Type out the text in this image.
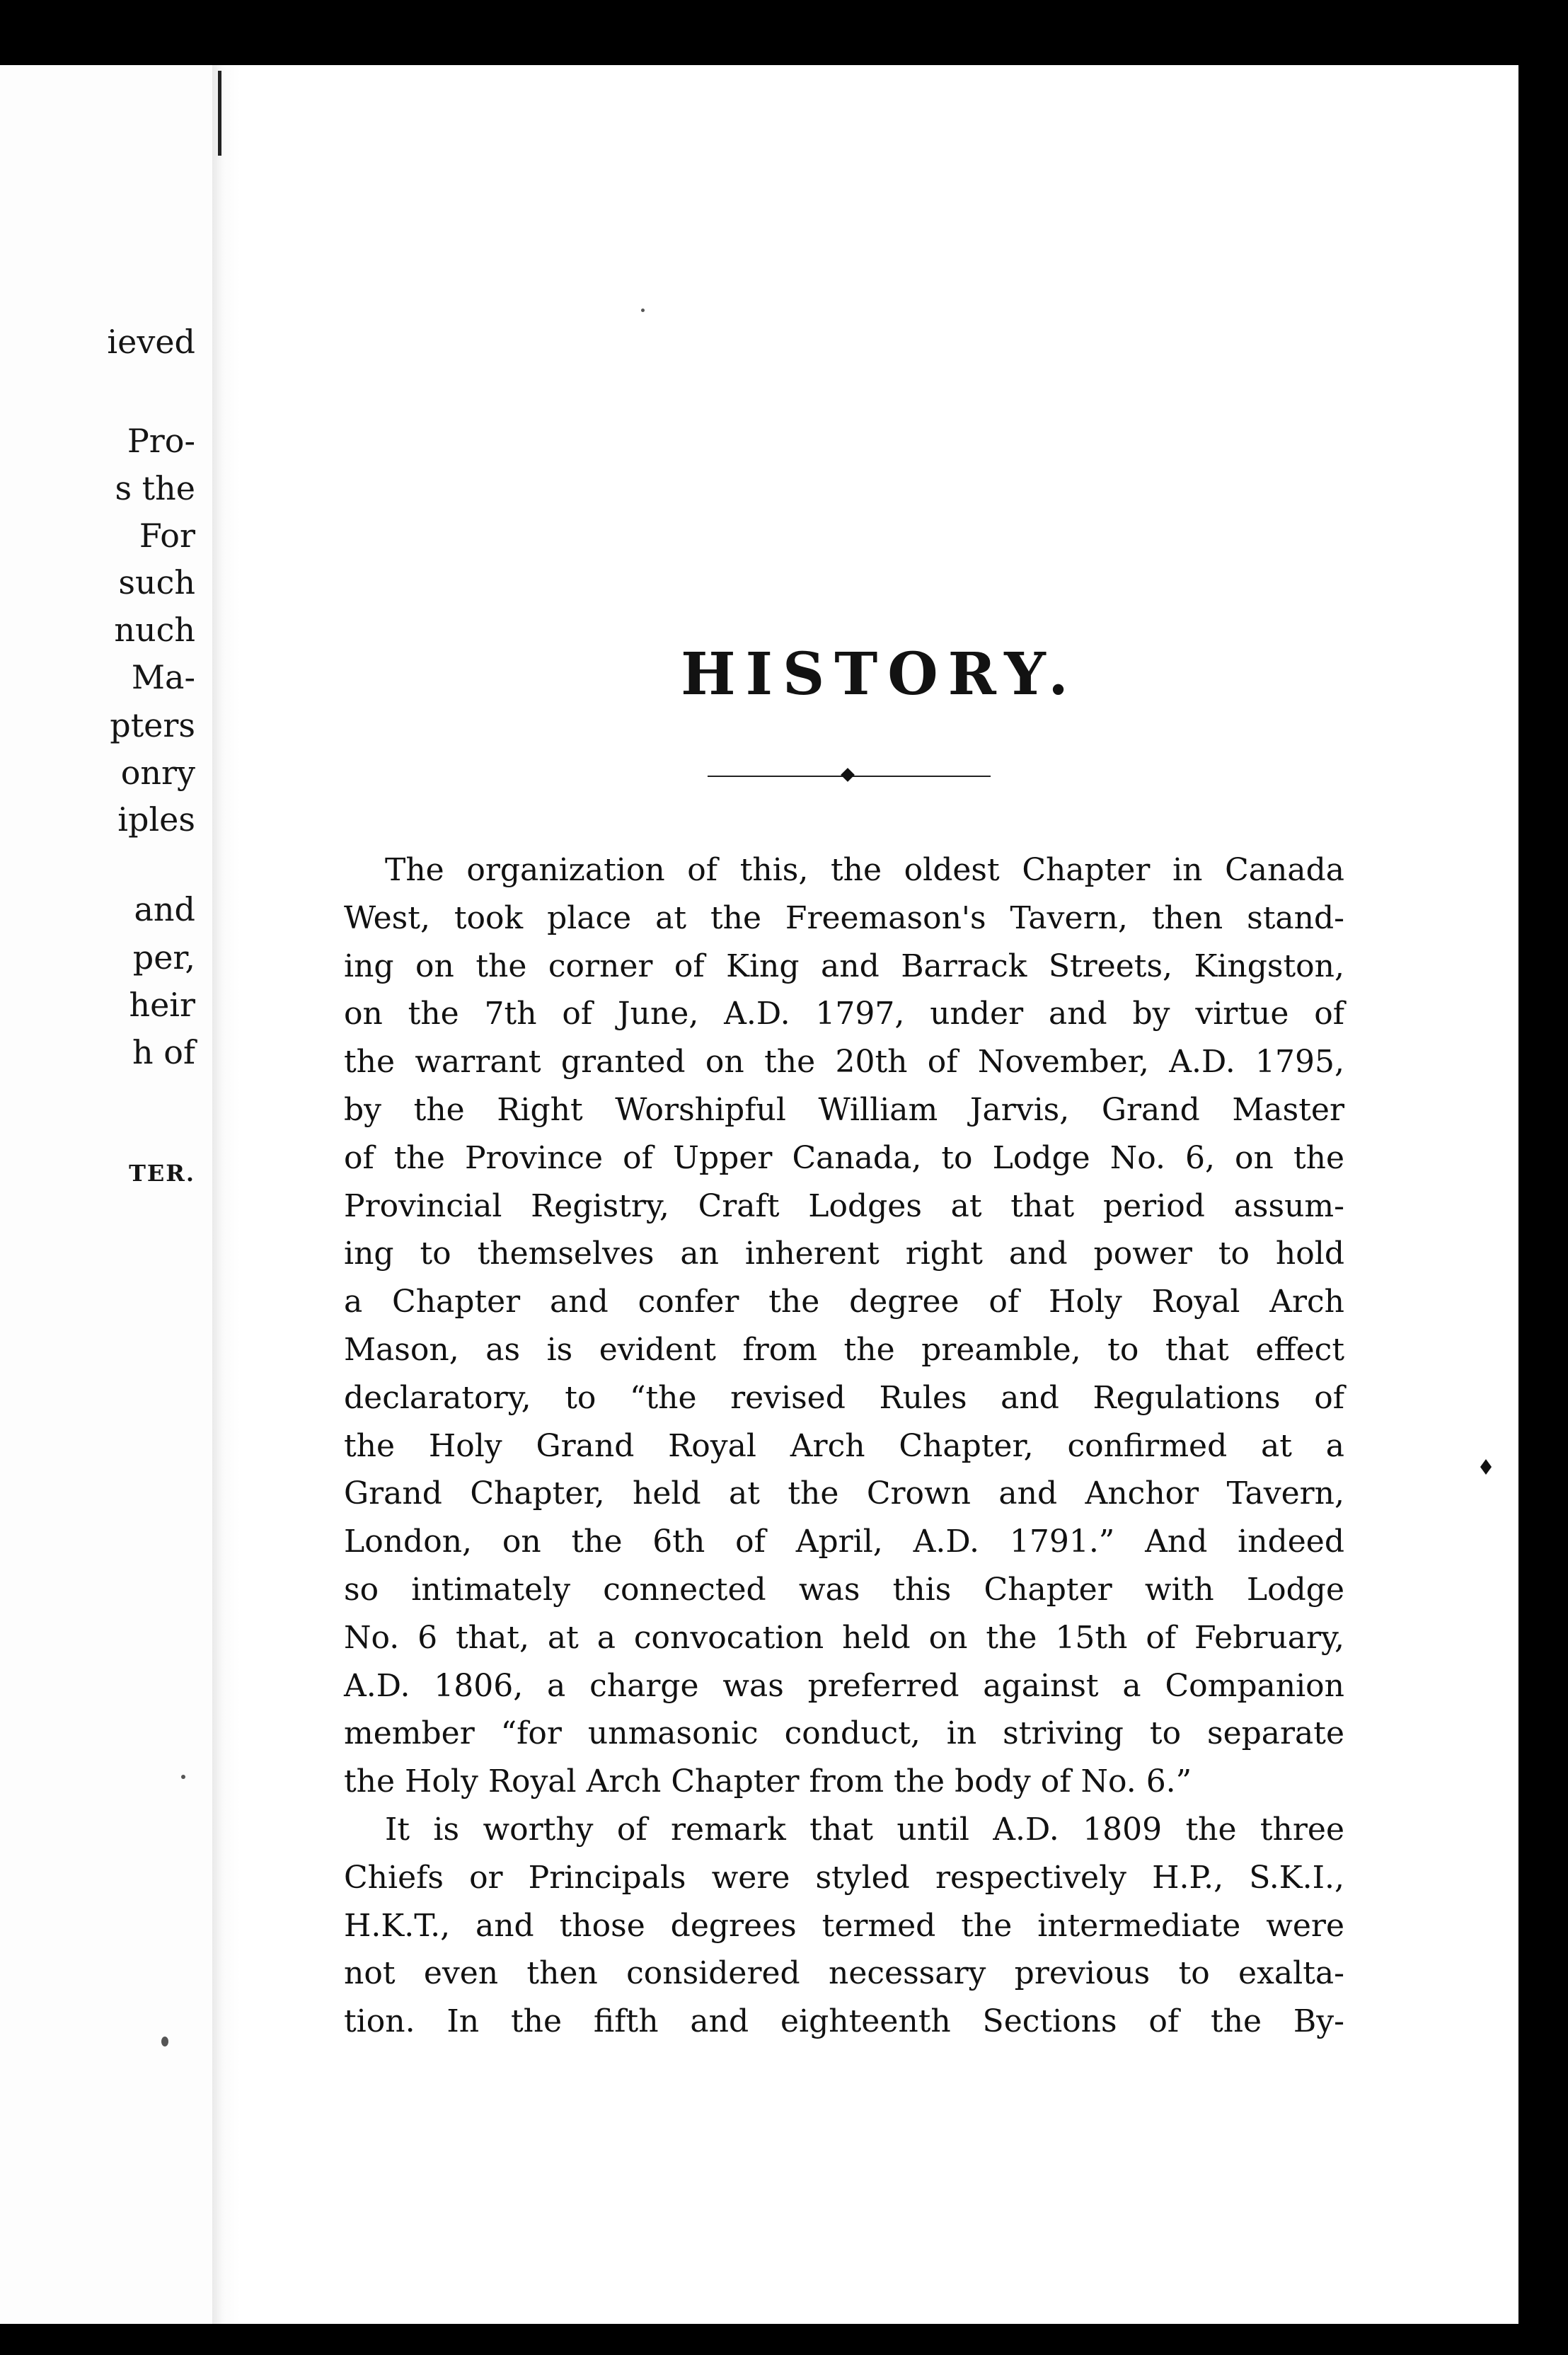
ieved
Pro-
s the
For
such
nuch
Ma-
pters
onry
iples
and
per,
heir
h of
TER.
HISTORY.
The organization of this, the oldest Chapter in Canada
West, took place at the Freemason's Tavern, then stand-
ing on the corner of King and Barrack Streets, Kingston,
on the 7th of June, A.D. 1797, under and by virtue of
the warrant granted on the 20th of November, A.D. 1795,
by the Right Worshipful William Jarvis, Grand Master
of the Province of Upper Canada, to Lodge No. 6, on the
Provincial Registry, Craft Lodges at that period assum-
ing to themselves an inherent right and power to hold
a Chapter and confer the degree of Holy Royal Arch
Mason, as is evident from the preamble, to that effect
declaratory, to “the revised Rules and Regulations of
the Holy Grand Royal Arch Chapter, confirmed at a
Grand Chapter, held at the Crown and Anchor Tavern,
London, on the 6th of April, A.D. 1791.” And indeed
so intimately connected was this Chapter with Lodge
No. 6 that, at a convocation held on the 15th of February,
A.D. 1806, a charge was preferred against a Companion
member “for unmasonic conduct, in striving to separate
the Holy Royal Arch Chapter from the body of No. 6.”
It is worthy of remark that until A.D. 1809 the three
Chiefs or Principals were styled respectively H.P., S.K.I.,
H.K.T., and those degrees termed the intermediate were
not even then considered necessary previous to exalta-
tion. In the fifth and eighteenth Sections of the By-
